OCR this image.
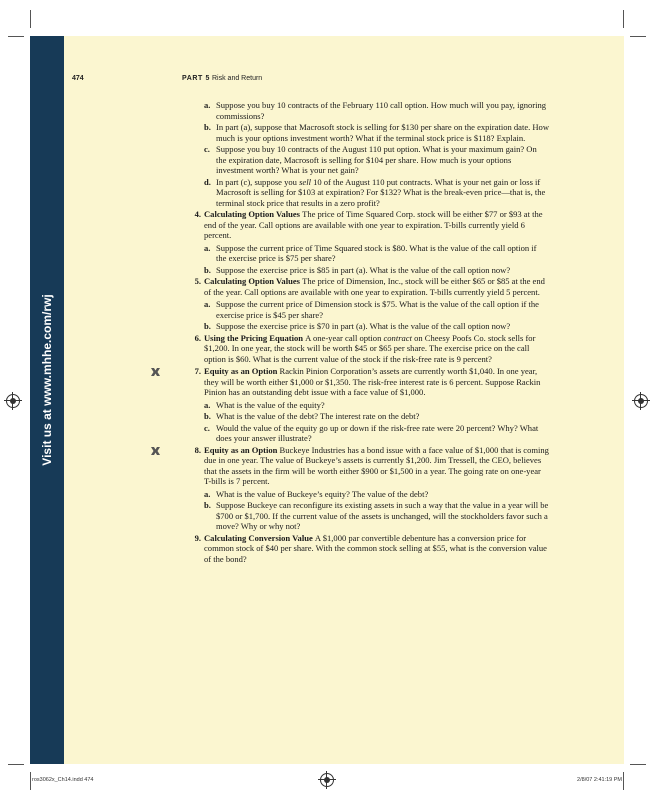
Visit us at www.mhhe.com/rwj
474	PART 5 Risk and Return
a. Suppose you buy 10 contracts of the February 110 call option. How much will you pay, ignoring commissions?
b. In part (a), suppose that Macrosoft stock is selling for $130 per share on the expiration date. How much is your options investment worth? What if the terminal stock price is $118? Explain.
c. Suppose you buy 10 contracts of the August 110 put option. What is your maximum gain? On the expiration date, Macrosoft is selling for $104 per share. How much is your options investment worth? What is your net gain?
d. In part (c), suppose you sell 10 of the August 110 put contracts. What is your net gain or loss if Macrosoft is selling for $103 at expiration? For $132? What is the break-even price—that is, the terminal stock price that results in a zero profit?
4. Calculating Option Values The price of Time Squared Corp. stock will be either $77 or $93 at the end of the year. Call options are available with one year to expiration. T-bills currently yield 6 percent.
a. Suppose the current price of Time Squared stock is $80. What is the value of the call option if the exercise price is $75 per share?
b. Suppose the exercise price is $85 in part (a). What is the value of the call option now?
5. Calculating Option Values The price of Dimension, Inc., stock will be either $65 or $85 at the end of the year. Call options are available with one year to expiration. T-bills currently yield 5 percent.
a. Suppose the current price of Dimension stock is $75. What is the value of the call option if the exercise price is $45 per share?
b. Suppose the exercise price is $70 in part (a). What is the value of the call option now?
6. Using the Pricing Equation A one-year call option contract on Cheesy Poofs Co. stock sells for $1,200. In one year, the stock will be worth $45 or $65 per share. The exercise price on the call option is $60. What is the current value of the stock if the risk-free rate is 9 percent?
7. Equity as an Option Rackin Pinion Corporation’s assets are currently worth $1,040. In one year, they will be worth either $1,000 or $1,350. The risk-free interest rate is 6 percent. Suppose Rackin Pinion has an outstanding debt issue with a face value of $1,000.
a. What is the value of the equity?
b. What is the value of the debt? The interest rate on the debt?
c. Would the value of the equity go up or down if the risk-free rate were 20 percent? Why? What does your answer illustrate?
8. Equity as an Option Buckeye Industries has a bond issue with a face value of $1,000 that is coming due in one year. The value of Buckeye’s assets is currently $1,200. Jim Tressell, the CEO, believes that the assets in the firm will be worth either $900 or $1,500 in a year. The going rate on one-year T-bills is 7 percent.
a. What is the value of Buckeye’s equity? The value of the debt?
b. Suppose Buckeye can reconfigure its existing assets in such a way that the value in a year will be $700 or $1,700. If the current value of the assets is unchanged, will the stockholders favor such a move? Why or why not?
9. Calculating Conversion Value A $1,000 par convertible debenture has a conversion price for common stock of $40 per share. With the common stock selling at $55, what is the conversion value of the bond?
ros3062x_Ch14.indd 474	2/8/07 2:41:19 PM
